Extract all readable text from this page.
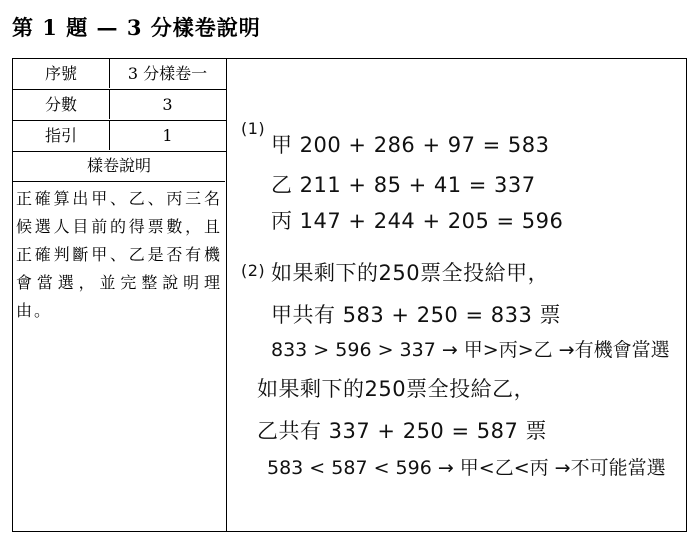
第 1 題 — 3 分樣卷說明
序號	3 分樣卷一
分數	3
指引	1
樣卷說明
正確算出甲、乙、丙三名候選人目前的得票數，且正確判斷甲、乙是否有機會當選，並完整說明理由。
(1)
甲 200 + 286 + 97 = 583
乙 211 + 85 + 41 = 337
丙 147 + 244 + 205 = 596
(2) 如果剩下的250票全投給甲，
甲共有 583 + 250 = 833 票
833 > 596 > 337 → 甲>丙>乙 →有機會當選
如果剩下的250票全投給乙，
乙共有 337 + 250 = 587 票
583 < 587 < 596 → 甲<乙<丙 →不可能當選
